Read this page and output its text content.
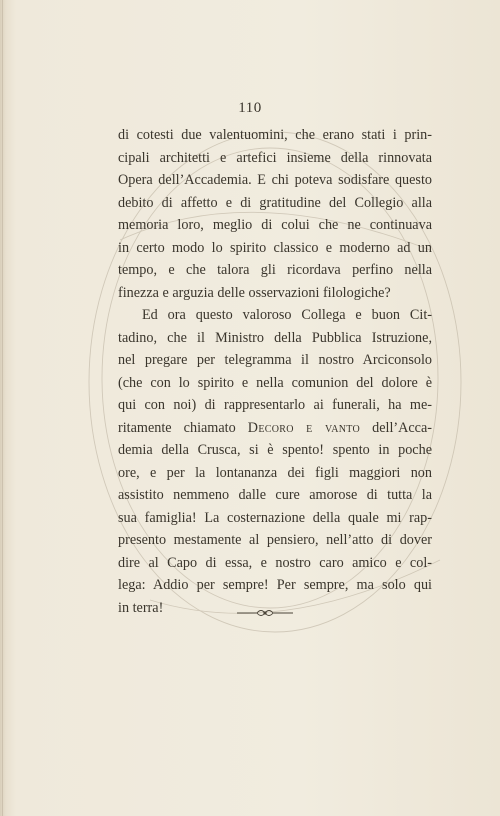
110
di cotesti due valentuomini, che erano stati i prin-
cipali architetti e artefici insieme della rinnovata
Opera dell’Accademia. E chi poteva sodisfare questo
debito di affetto e di gratitudine del Collegio alla
memoria loro, meglio di colui che ne continuava
in certo modo lo spirito classico e moderno ad un
tempo, e che talora gli ricordava perfino nella
finezza e arguzia delle osservazioni filologiche?
Ed ora questo valoroso Collega e buon Cit-
tadino, che il Ministro della Pubblica Istruzione,
nel pregare per telegramma il nostro Arciconsolo
(che con lo spirito e nella comunion del dolore è
qui con noi) di rappresentarlo ai funerali, ha me-
ritamente chiamato Decoro e vanto dell’Acca-
demia della Crusca, si è spento! spento in poche
ore, e per la lontananza dei figli maggiori non
assistito nemmeno dalle cure amorose di tutta la
sua famiglia! La costernazione della quale mi rap-
presento mestamente al pensiero, nell’atto di dover
dire al Capo di essa, e nostro caro amico e col-
lega: Addio per sempre! Per sempre, ma solo qui
in terra!
